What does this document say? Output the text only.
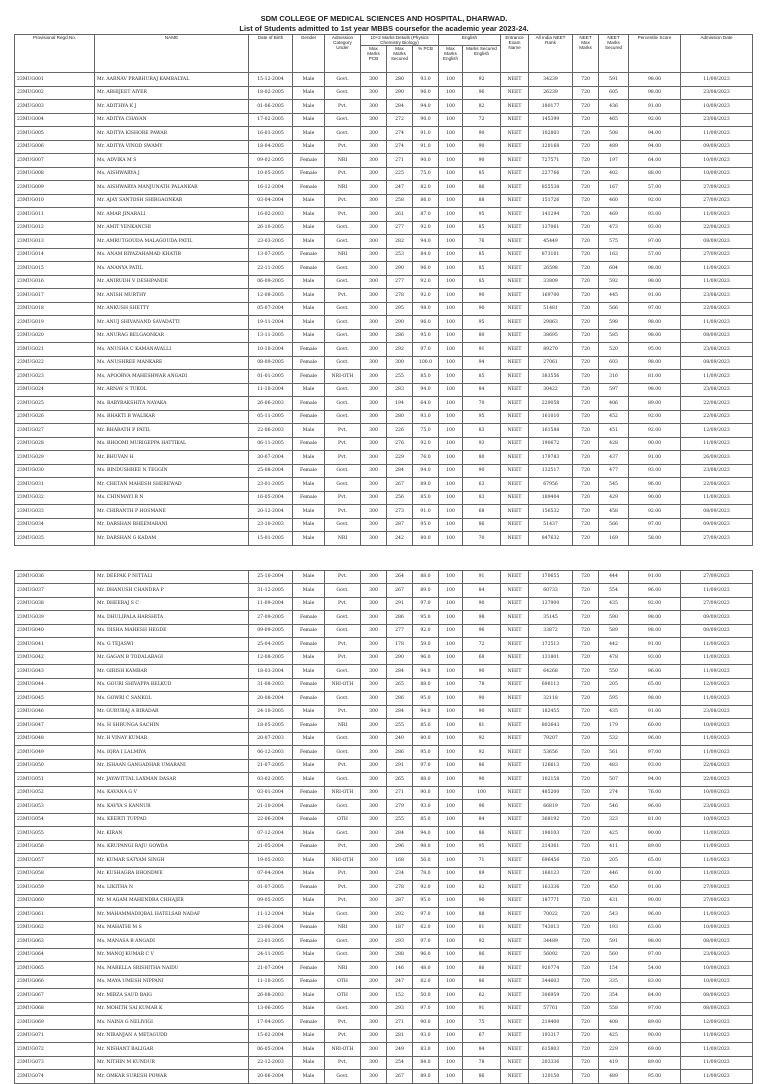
SDM COLLEGE OF MEDICAL SCIENCES AND HOSPITAL, DHARWAD.
List of Students admitted to 1st year MBBS coursefor the academic year 2023-24.
Provisional Regd.No.	NAME	Date of Birth	Gender	Admission Category Under	10+2 Marks Details (Physics Chemistry Biology)			English		Entrance Exam Name	All India NEET Rank	NEET Max Marks	NEET Marks Secured	Percentile Score	Admission Date
					Max Marks PCB	Max Marks Secured	% PCB	Max Marks English	Marks Secured English						
23MUG001	Mr. AARNAV PRABHURAJ KAMBALYAL	15-12-2004	Male	Govt.	300	280	93.0	100	92	NEET	34239	720	591	98.00	11/09/2023
23MUG002	Mr. ABHIJEET AIYER	18-02-2005	Male	Govt.	300	290	96.0	100	96	NEET	26239	720	605	98.00	23/08/2023
23MUG003	Mr. ADITHYA K J	01-06-2005	Male	Pvt.	300	284	94.0	100	82	NEET	180177	720	436	91.00	10/09/2023
23MUG004	Mr. ADITYA CHAVAN	17-02-2005	Male	Govt.	300	272	90.0	100	72	NEET	145399	720	465	92.00	23/08/2023
23MUG005	Mr. ADITYA KISHORE PAWAR	16-01-2005	Male	Govt.	300	274	91.0	100	90	NEET	102803	720	508	94.00	11/09/2023
23MUG006	Mr. ADITYA VINOD SWAMY	18-04-2005	Male	Pvt.	300	274	91.0	100	90	NEET	120168	720	489	94.00	09/09/2023
23MUG007	Ms. ADVIKA M S	09-02-2005	Female	NRI	300	271	90.0	100	90	NEET	727571	720	197	64.00	10/09/2023
23MUG008	Ms. AISHWARYA J	10-05-2005	Female	Pvt.	300	225	75.0	100	85	NEET	227766	720	402	88.00	10/09/2023
23MUG009	Ms. AISHWARYA MANJUNATH PALANKAR	16-12-2004	Female	NRI	300	247	82.0	100	86	NEET	855538	720	167	57.00	27/09/2023
23MUG010	Mr. AJAY SANTOSH SHIRGAONKAR	03-04-2004	Male	Pvt.	300	258	86.0	100	88	NEET	151726	720	460	92.00	27/09/2023
23MUG011	Mr. AMAR JINARALI	16-02-2003	Male	Pvt.	300	261	87.0	100	95	NEET	141294	720	469	93.00	11/09/2023
23MUG012	Mr. AMIT YENKANCHI	26-10-2005	Male	Govt.	300	277	92.0	100	85	NEET	137061	720	473	93.00	22/08/2023
23MUG013	Mr. AMRUTGOUDA MALAGOUDA PATIL	23-03-2005	Male	Govt.	300	282	94.0	100	76	NEET	45449	720	575	97.00	08/09/2023
23MUG014	Ms. ANAM RIYAZAHAMAD KHATIB	13-07-2005	Female	NRI	300	253	84.0	100	85	NEET	873101	720	163	57.00	27/09/2023
23MUG015	Ms. ANANYA PATIL	22-11-2005	Female	Govt.	300	290	96.0	100	85	NEET	26598	720	604	98.00	11/09/2023
23MUG016	Mr. ANIRUDH V DESHPANDE	06-09-2005	Male	Govt.	300	277	92.0	100	85	NEET	33809	720	592	98.00	11/09/2023
23MUG017	Mr. ANISH MURTHY	12-08-2005	Male	Pvt.	300	278	92.0	100	90	NEET	169700	720	445	91.00	23/08/2023
23MUG018	Mr. ANKUSH SHETTY	05-07-2004	Male	Govt.	300	295	98.0	100	90	NEET	51481	720	566	97.00	22/08/2023
23MUG019	Mr. ANUJ SHIVANAND SAVADATTI	19-11-2004	Male	Govt.	300	290	96.0	100	95	NEET	29863	720	598	98.00	11/09/2023
23MUG020	Mr. ANURAG BELGAONKAR	13-11-2005	Male	Govt.	300	286	95.0	100	80	NEET	38695	720	585	98.00	08/09/2023
23MUG021	Ms. ANUSHA C KAMANAVALLI	10-10-2004	Female	Govt.	300	292	97.0	100	91	NEET	89270	720	520	95.00	23/08/2023
23MUG022	Ms. ANUSHREE MANKARE	08-09-2005	Female	Govt.	300	300	100.0	100	94	NEET	27061	720	603	98.00	08/09/2023
23MUG023	Ms. APOORVA MAHESHWAR ANGADI	01-01-2005	Female	NRI-OTH	300	255	85.0	100	85	NEET	383556	720	316	81.00	11/09/2023
23MUG024	Mr. ARNAV S TUKOL	11-10-2004	Male	Govt.	300	283	94.0	100	84	NEET	30422	720	597	98.00	23/08/2023
23MUG025	Ms. BABYRAKSHITA NAYAKA	26-06-2003	Female	Govt.	300	194	64.0	100	70	NEET	229058	720	406	89.00	22/08/2023
23MUG026	Ms. BHAKTI B WALIKAR	05-11-2005	Female	Govt.	300	280	93.0	100	95	NEET	161010	720	452	92.00	22/08/2023
23MUG027	Mr. BHARATH P PATIL	22-06-2003	Male	Pvt.	300	226	75.0	100	83	NEET	161588	720	451	92.00	12/09/2023
23MUG028	Ms. BHOOMI MURIGEPPA HATTIKAL	06-11-2005	Female	Pvt.	300	276	92.0	100	93	NEET	190672	720	428	90.00	11/09/2023
23MUG029	Mr. BHUVAN H	30-07-2004	Male	Pvt.	300	229	76.0	100	80	NEET	179783	720	437	91.00	26/09/2023
23MUG030	Ms. BINDUSHREE N TEGGIN	25-08-2004	Female	Govt.	300	284	94.0	100	90	NEET	132517	720	477	93.00	23/08/2023
23MUG031	Mr. CHETAN MAHESH SHEREWAD	23-01-2005	Male	Govt.	300	267	89.0	100	63	NEET	67956	720	545	96.00	22/08/2023
23MUG032	Ms. CHINMAYI B N	16-05-2004	Female	Pvt.	300	256	85.0	100	83	NEET	189404	720	429	90.00	11/09/2023
23MUG033	Mr. CHIRANTH P HOSMANE	20-12-2004	Male	Pvt.	300	273	91.0	100	68	NEET	156532	720	458	92.00	08/09/2023
23MUG034	Mr. DARSHAN BHEEMARANI	23-10-2003	Male	Govt.	300	287	95.0	100	86	NEET	51437	720	566	97.00	09/09/2023
23MUG035	Mr. DARSHAN G KADAM	15-01-2005	Male	NRI	300	242	80.0	100	70	NEET	847632	720	169	58.00	27/09/2023
23MUG036	Mr. DEEPAK P NITTALI	25-10-2004	Male	Pvt.	300	264	88.0	100	91	NEET	170655	720	444	91.00	27/09/2023
23MUG037	Mr. DHANUSH CHANDRA P	31-12-2005	Male	Govt.	300	267	89.0	100	84	NEET	60733	720	554	96.00	11/09/2023
23MUG038	Mr. DHEERAJ S C	11-09-2004	Male	Pvt.	300	291	97.0	100	90	NEET	137900	720	435	92.00	27/09/2023
23MUG039	Ms. DHULIPALA HARSHITA	27-09-2005	Female	Govt.	300	286	95.0	100	98	NEET	35145	720	590	98.00	09/09/2023
23MUG040	Ms. DISHA MAHESH HEGDE	09-09-2005	Female	Govt.	300	277	92.0	100	96	NEET	33872	720	589	98.00	08/09/2023
23MUG041	Ms. G TEJASWI	25-04-2005	Female	Pvt.	300	178	59.0	100	72	NEET	172513	720	442	91.00	11/09/2023
23MUG042	Mr. GAGAN B TODALABAGI	12-08-2005	Male	Pvt.	300	290	96.0	100	68	NEET	131801	720	478	93.00	11/09/2023
23MUG043	Mr. GIRISH KAMBAR	18-03-2004	Male	Govt.	300	284	94.0	100	90	NEET	64268	720	550	96.00	11/09/2023
23MUG044	Ms. GOURI SHIVAPPA BELKUD	31-08-2003	Female	NRI-OTH	300	265	88.0	100	78	NEET	696113	720	205	65.00	12/09/2023
23MUG045	Ms. GOWRI C SANKOL	20-08-2004	Female	Govt.	300	286	95.0	100	90	NEET	32118	720	595	98.00	11/09/2023
23MUG046	Mr. GURURAJ A BIRADAR	24-10-2005	Male	Pvt.	300	284	94.0	100	90	NEET	182455	720	435	91.00	23/08/2023
23MUG047	Ms. H SHRUNGA SACHIN	18-05-2005	Female	NRI	300	255	85.0	100	81	NEET	802643	720	179	60.00	10/09/2023
23MUG048	Mr. H VINAY KUMAR	20-07-2003	Male	Govt.	300	240	80.0	100	92	NEET	79207	720	532	96.00	11/09/2023
23MUG049	Ms. IQRA I LALMIYA	06-12-2003	Female	Govt.	300	286	95.0	100	92	NEET	53656	720	561	97.00	11/09/2023
23MUG050	Mr. ISHAAN GANGADHAR UMARANI	21-07-2005	Male	Pvt.	300	291	97.0	100	86	NEET	126613	720	483	93.00	22/08/2023
23MUG051	Mr. JAYAVITTAL LAXMAN DASAR	03-02-2005	Male	Govt.	300	265	88.0	100	90	NEET	102158	720	507	94.00	22/08/2023
23MUG052	Ms. KAVANA G V	03-01-2004	Female	NRI-OTH	300	271	90.0	100	100	NEET	485200	720	274	76.00	10/09/2023
23MUG053	Ms. KAVYA S KANNUR	21-10-2004	Female	Govt.	300	279	93.0	100	96	NEET	66819	720	546	96.00	23/08/2023
23MUG054	Ms. KEERTI TUPPAD	22-06-2004	Female	OTH	300	255	85.0	100	84	NEET	368192	720	323	81.00	10/09/2023
23MUG055	Mr. KIRAN	07-12-2004	Male	Govt.	300	284	94.0	100	86	NEET	198103	720	425	90.00	11/09/2023
23MUG056	Ms. KRUPANGI RAJU GOWDA	21-05-2004	Female	Pvt.	300	296	98.0	100	95	NEET	214361	720	411	89.00	11/09/2023
23MUG057	Mr. KUMAR SATYAM SINGH	19-05-2003	Male	NRI-OTH	300	168	56.0	100	71	NEET	696456	720	205	65.00	11/09/2023
23MUG058	Mr. KUSHAGRA BHONDWE	07-04-2004	Male	Pvt.	300	234	78.0	100	89	NEET	168123	720	446	91.00	11/09/2023
23MUG059	Ms. LIKITHA N	01-07-2005	Female	Pvt.	300	278	92.0	100	82	NEET	163336	720	450	91.00	27/09/2023
23MUG060	Mr. M AGAM MAHENDRA CHHAJER	09-05-2005	Male	Pvt.	300	287	95.0	100	90	NEET	187771	720	431	90.00	27/09/2023
23MUG061	Mr. MAHAMMADIQBAL HATELSAB NADAF	11-12-2004	Male	Govt.	300	292	97.0	100	88	NEET	70022	720	543	96.00	11/09/2023
23MUG062	Ms. MAHATHI M S	23-06-2004	Female	NRI	300	187	62.0	100	81	NEET	743013	720	193	63.00	10/09/2023
23MUG063	Ms. MANASA B ANGADI	23-01-2005	Female	Govt.	300	293	97.0	100	92	NEET	34489	720	591	98.00	08/09/2023
23MUG064	Mr. MANOJ KUMAR C V	24-11-2005	Male	Govt.	300	288	96.0	100	86	NEET	56092	720	560	97.00	23/08/2023
23MUG065	Ms. MARELLA SRISHITHA NAIDU	21-07-2004	Female	NRI	300	146	48.0	100	86	NEET	920774	720	154	54.00	10/09/2023
23MUG066	Ms. MAYA UMESH NIPPANI	11-10-2005	Female	OTH	300	247	82.0	100	86	NEET	344603	720	335	83.00	10/09/2023
23MUG067	Mr. MIRZA SAUD BAIG	26-08-2003	Male	OTH	300	152	50.0	100	62	NEET	306959	720	354	84.00	08/09/2023
23MUG068	Mr. MOHITH SAI KUMAR K	13-06-2005	Male	Govt.	300	293	97.0	100	91	NEET	57761	720	558	97.00	08/09/2023
23MUG069	Ms. NAINA G NELIVIGI	17-04-2005	Female	Pvt.	300	271	90.0	100	75	NEET	219400	720	408	89.00	12/09/2023
23MUG071	Mr. NIRANJAN A METAGUDD	15-02-2004	Male	Pvt.	300	281	93.0	100	67	NEET	193317	720	425	90.00	11/09/2023
23MUG072	Mr. NISHANT BALIGAR	06-05-2004	Male	NRI-OTH	300	249	83.0	100	84	NEET	615803	720	229	69.00	11/09/2023
23MUG073	Mr. NITHIN M KUNDUR	22-12-2003	Male	Pvt.	300	254	84.0	100	78	NEET	203336	720	419	89.00	11/09/2023
23MUG074	Mr. OMKAR SURESH POWAR	20-06-2004	Male	Govt.	300	267	89.0	100	86	NEET	120150	720	489	95.00	11/09/2023
